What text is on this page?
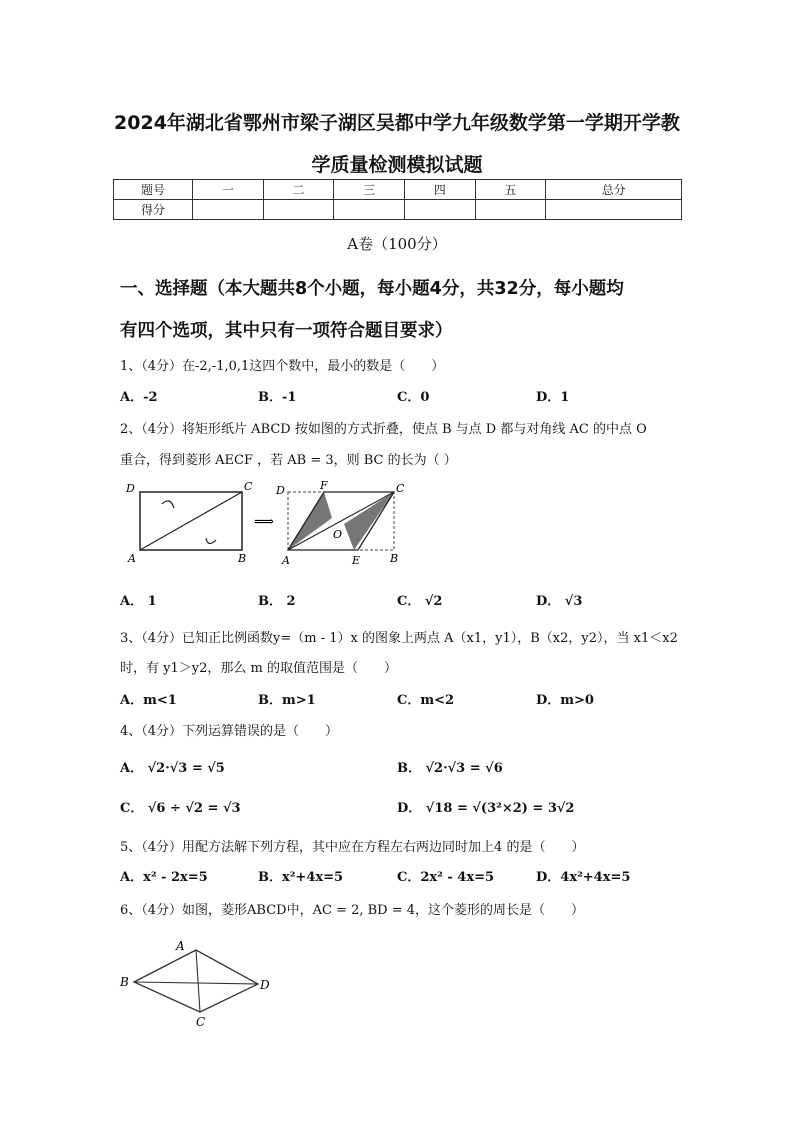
2024年湖北省鄂州市梁子湖区吴都中学九年级数学第一学期开学教
学质量检测模拟试题
题号	一	二	三	四	五	总分
得分						
A卷（100分）
一、选择题（本大题共8个小题，每小题4分，共32分，每小题均
有四个选项，其中只有一项符合题目要求）
1、（4分）在-2,-1,0,1这四个数中，最小的数是（　　）
A．-2	B．-1	C．0	D．1
2、（4分）将矩形纸片 ABCD 按如图的方式折叠，使点 B 与点 D 都与对角线 AC 的中点 O
重合，得到菱形 AECF ，若 AB = 3，则 BC 的长为（ ）
D	C
A	B
⟹
D	F	C
O
A	E	B
A． 1	B． 2	C． √2	D． √3
3、（4分）已知正比例函数y=（m - 1）x 的图象上两点 A（x1，y1），B（x2，y2），当 x1＜x2
时，有 y1＞y2，那么 m 的取值范围是（　　）
A．m<1	B．m>1	C．m<2	D．m>0
4、（4分）下列运算错误的是（　　）
A． √2·√3 = √5	B． √2·√3 = √6
C． √6 ÷ √2 = √3	D． √18 = √(3²×2) = 3√2
5、（4分）用配方法解下列方程，其中应在方程左右两边同时加上4 的是（　　）
A．x² - 2x=5	B．x²+4x=5	C．2x² - 4x=5	D．4x²+4x=5
6、（4分）如图，菱形ABCD中，AC = 2, BD = 4，这个菱形的周长是（　　）
A
B
C
D
